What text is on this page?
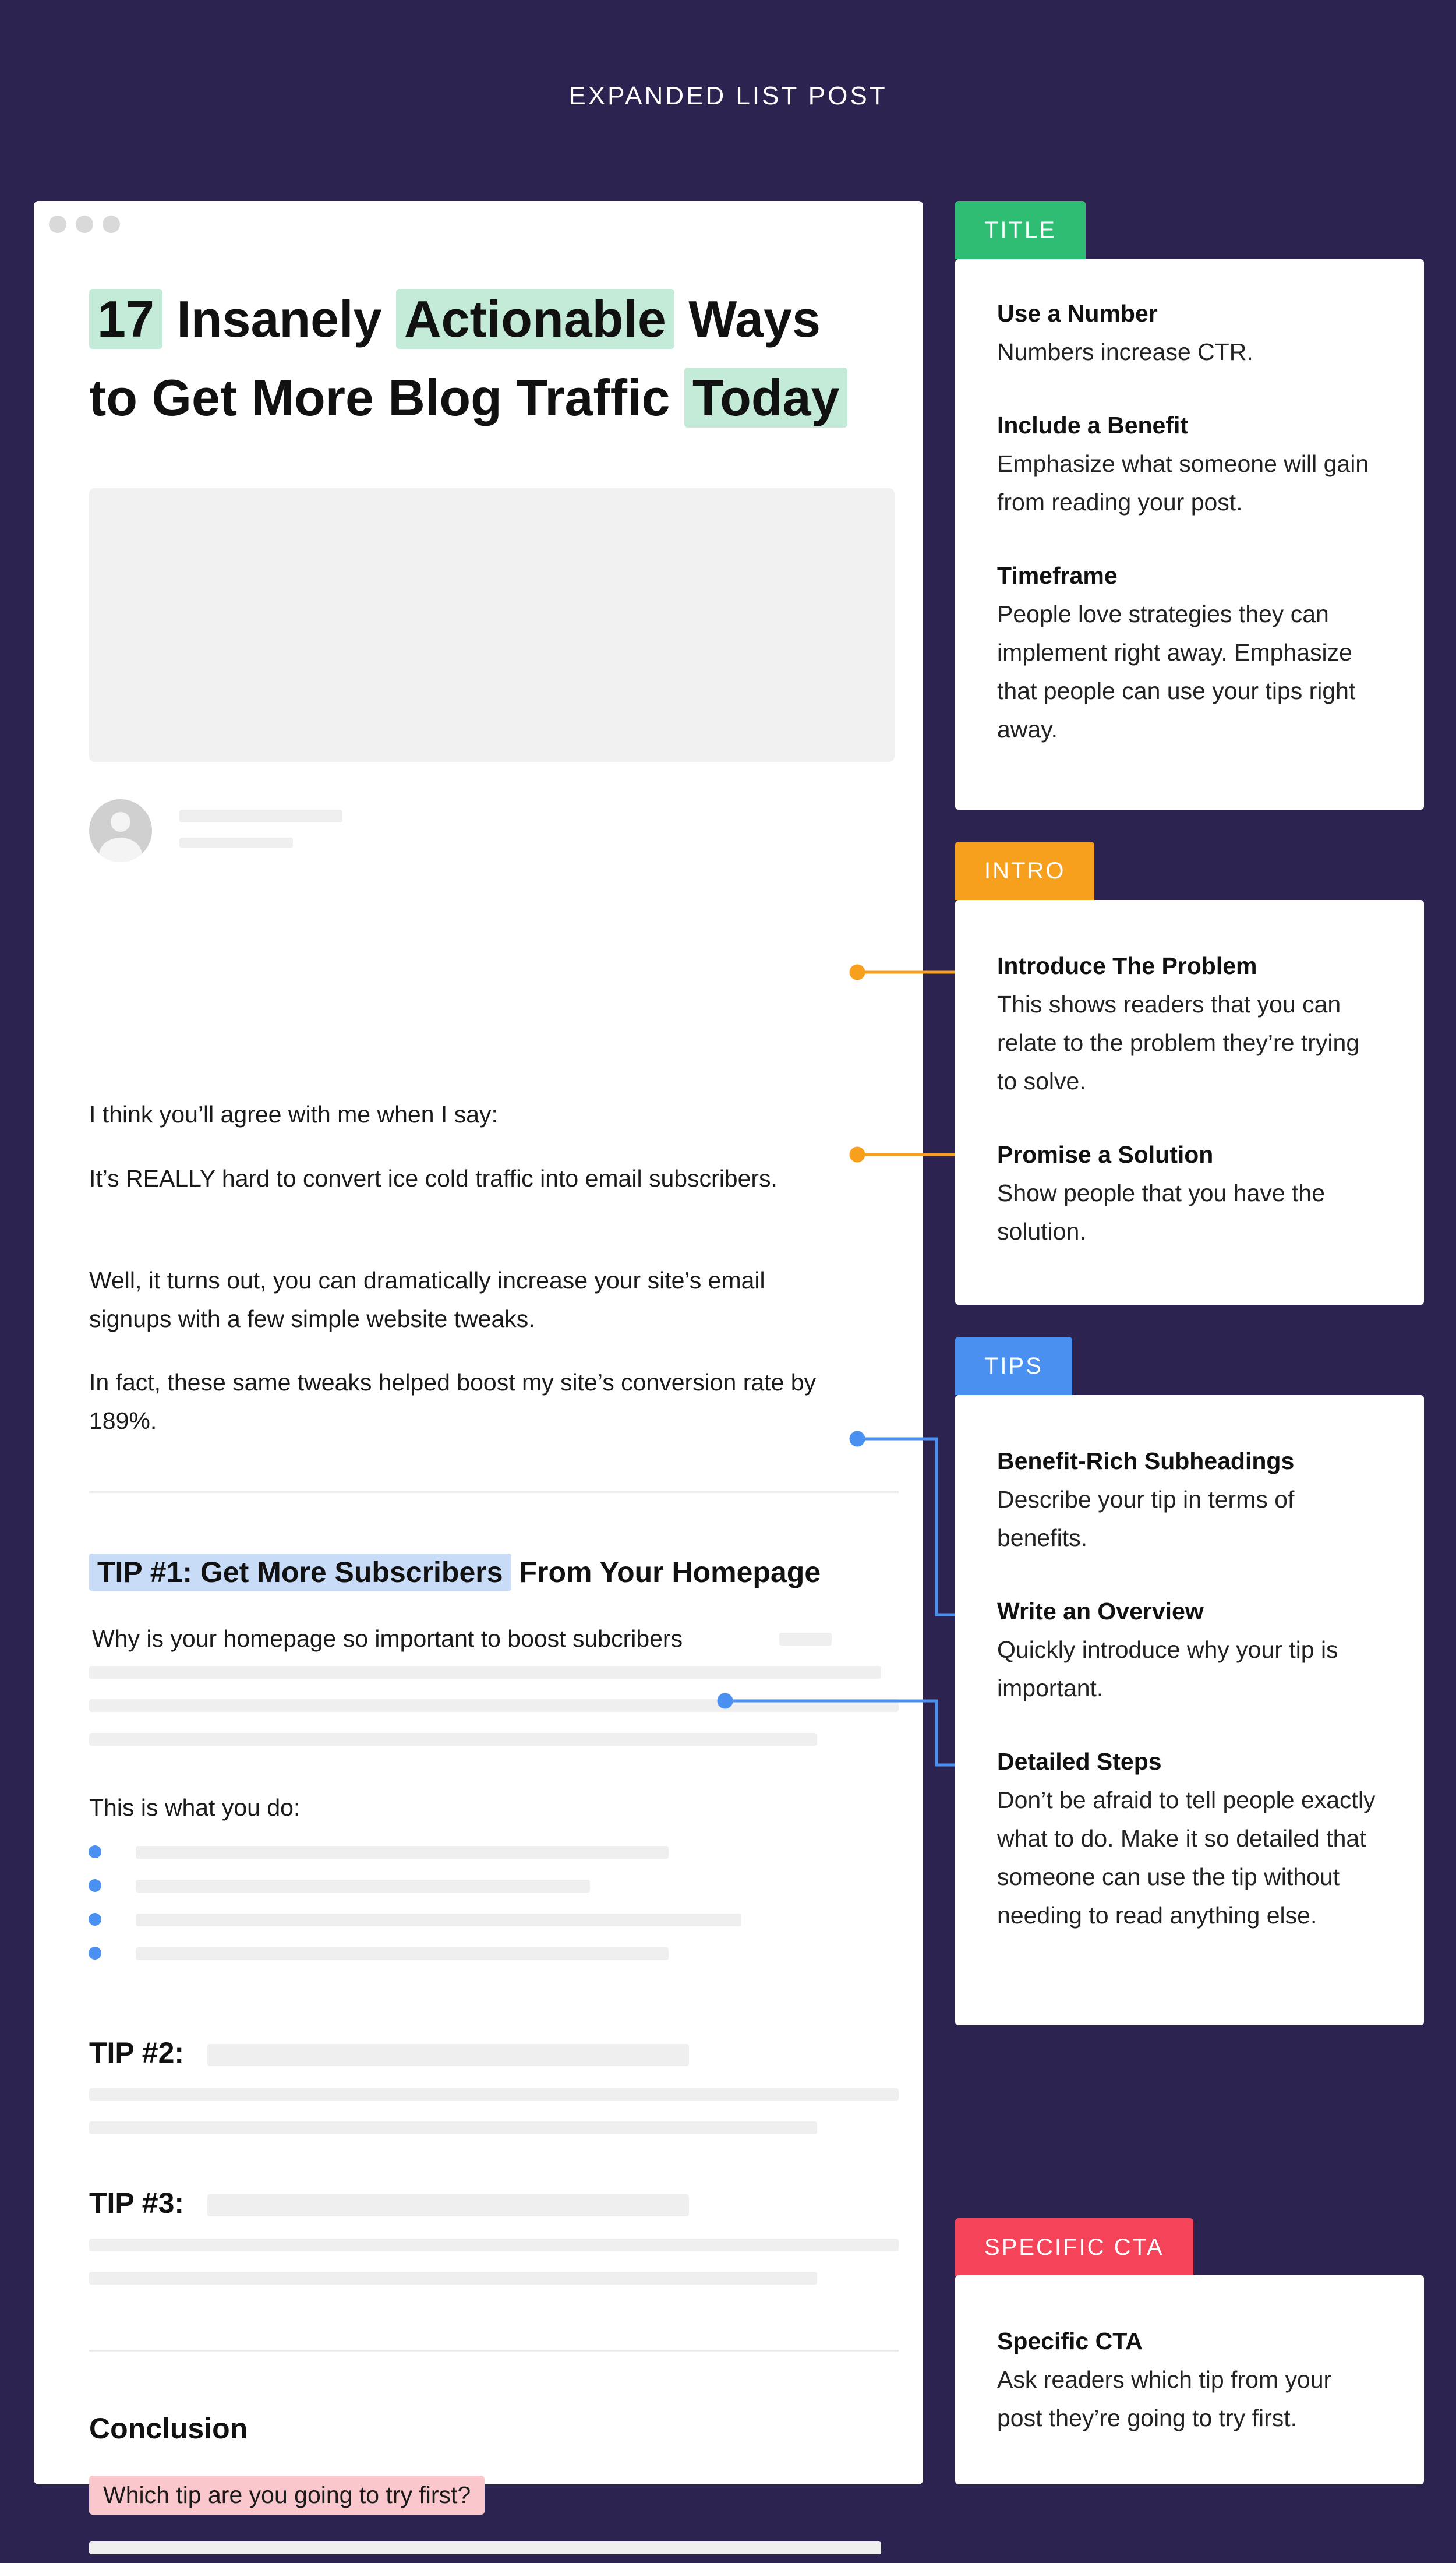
EXPANDED LIST POST
17 Insanely Actionable Ways
to Get More Blog Traffic Today
I think you’ll agree with me when I say:
It’s REALLY hard to convert ice cold traffic into email subscribers.
Well, it turns out, you can dramatically increase your site’s email signups with a few simple website tweaks.
In fact, these same tweaks helped boost my site’s conversion rate by 189%.
TIP #1: Get More Subscribers From Your Homepage
Why is your homepage so important to boost subcribers
This is what you do:
TIP #2:
TIP #3:
Conclusion
Which tip are you going to try first?
TITLE
Use a Number
Numbers increase CTR.
Include a Benefit
Emphasize what someone will gain from reading your post.
Timeframe
People love strategies they can implement right away. Emphasize that people can use your tips right away.
INTRO
Introduce The Problem
This shows readers that you can relate to the problem they’re trying to solve.
Promise a Solution
Show people that you have the solution.
TIPS
Benefit-Rich Subheadings
Describe your tip in terms of benefits.
Write an Overview
Quickly introduce why your tip is important.
Detailed Steps
Don’t be afraid to tell people exactly what to do. Make it so detailed that someone can use the tip without needing to read anything else.
SPECIFIC CTA
Specific CTA
Ask readers which tip from your post they’re going to try first.
